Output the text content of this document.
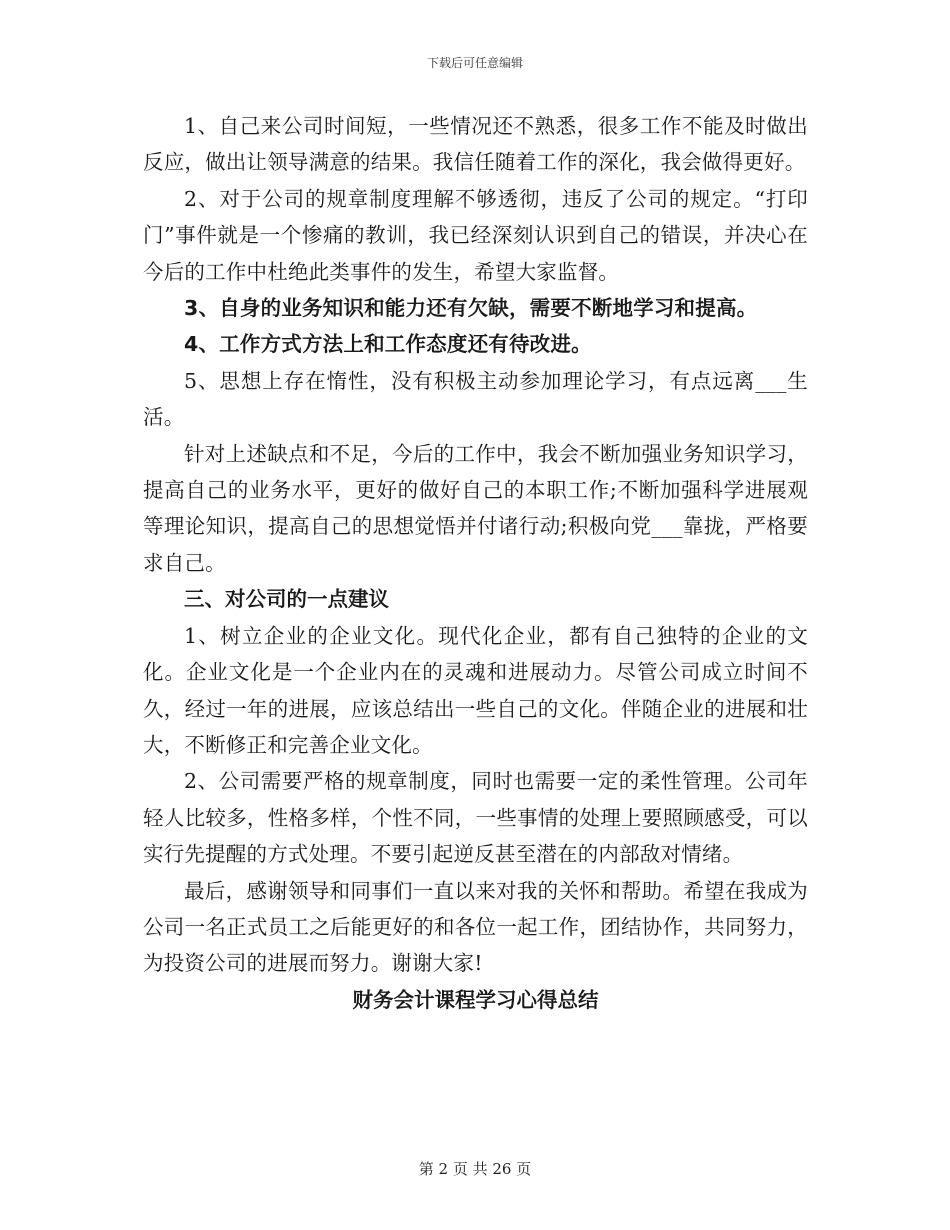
下载后可任意编辑

1、自己来公司时间短，一些情况还不熟悉，很多工作不能及时做出反应，做出让领导满意的结果。我信任随着工作的深化，我会做得更好。

2、对于公司的规章制度理解不够透彻，违反了公司的规定。“打印门”事件就是一个惨痛的教训，我已经深刻认识到自己的错误，并决心在今后的工作中杜绝此类事件的发生，希望大家监督。

3、自身的业务知识和能力还有欠缺，需要不断地学习和提高。

4、工作方式方法上和工作态度还有待改进。

5、思想上存在惰性，没有积极主动参加理论学习，有点远离___生活。

针对上述缺点和不足，今后的工作中，我会不断加强业务知识学习，提高自己的业务水平，更好的做好自己的本职工作;不断加强科学进展观等理论知识，提高自己的思想觉悟并付诸行动;积极向党___靠拢，严格要求自己。

三、对公司的一点建议

1、树立企业的企业文化。现代化企业，都有自己独特的企业的文化。企业文化是一个企业内在的灵魂和进展动力。尽管公司成立时间不久，经过一年的进展，应该总结出一些自己的文化。伴随企业的进展和壮大，不断修正和完善企业文化。

2、公司需要严格的规章制度，同时也需要一定的柔性管理。公司年轻人比较多，性格多样，个性不同，一些事情的处理上要照顾感受，可以实行先提醒的方式处理。不要引起逆反甚至潜在的内部敌对情绪。

最后，感谢领导和同事们一直以来对我的关怀和帮助。希望在我成为公司一名正式员工之后能更好的和各位一起工作，团结协作，共同努力，为投资公司的进展而努力。谢谢大家!

财务会计课程学习心得总结

第 2 页 共 26 页
